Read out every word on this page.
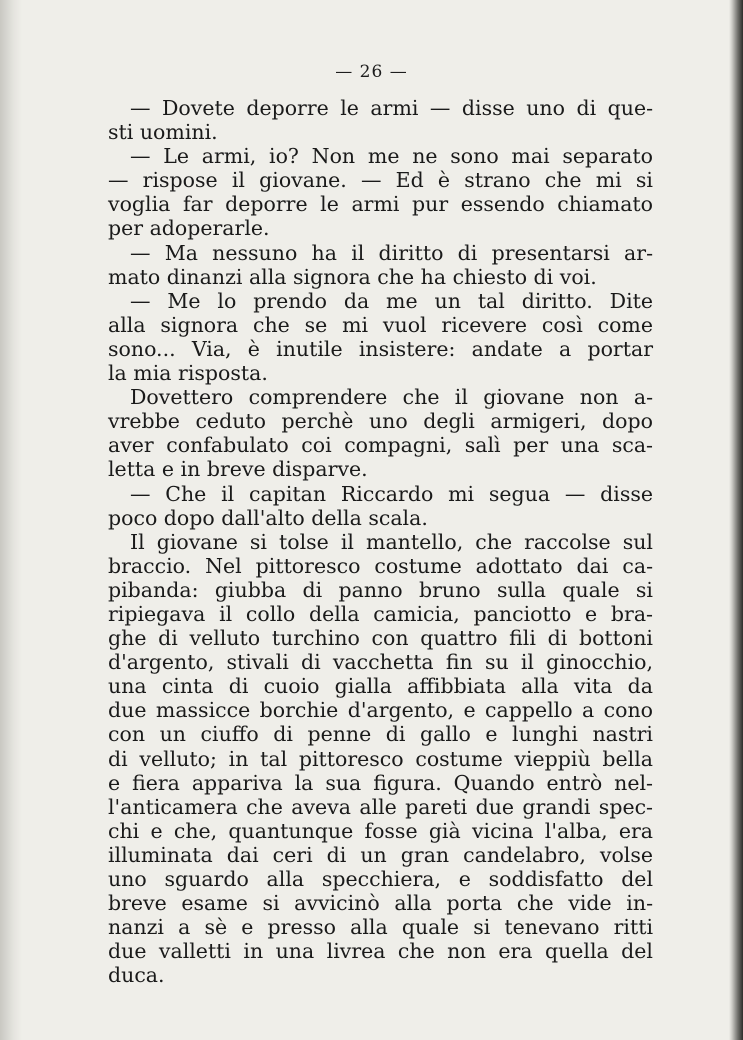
— 26 —
— Dovete deporre le armi — disse uno di que-
sti uomini.
— Le armi, io? Non me ne sono mai separato
— rispose il giovane. — Ed è strano che mi si
voglia far deporre le armi pur essendo chiamato
per adoperarle.
— Ma nessuno ha il diritto di presentarsi ar-
mato dinanzi alla signora che ha chiesto di voi.
— Me lo prendo da me un tal diritto. Dite
alla signora che se mi vuol ricevere così come
sono... Via, è inutile insistere: andate a portar
la mia risposta.
Dovettero comprendere che il giovane non a-
vrebbe ceduto perchè uno degli armigeri, dopo
aver confabulato coi compagni, salì per una sca-
letta e in breve disparve.
— Che il capitan Riccardo mi segua — disse
poco dopo dall'alto della scala.
Il giovane si tolse il mantello, che raccolse sul
braccio. Nel pittoresco costume adottato dai ca-
pibanda: giubba di panno bruno sulla quale si
ripiegava il collo della camicia, panciotto e bra-
ghe di velluto turchino con quattro fili di bottoni
d'argento, stivali di vacchetta fin su il ginocchio,
una cinta di cuoio gialla affibbiata alla vita da
due massicce borchie d'argento, e cappello a cono
con un ciuffo di penne di gallo e lunghi nastri
di velluto; in tal pittoresco costume vieppiù bella
e fiera appariva la sua figura. Quando entrò nel-
l'anticamera che aveva alle pareti due grandi spec-
chi e che, quantunque fosse già vicina l'alba, era
illuminata dai ceri di un gran candelabro, volse
uno sguardo alla specchiera, e soddisfatto del
breve esame si avvicinò alla porta che vide in-
nanzi a sè e presso alla quale si tenevano ritti
due valletti in una livrea che non era quella del
duca.
